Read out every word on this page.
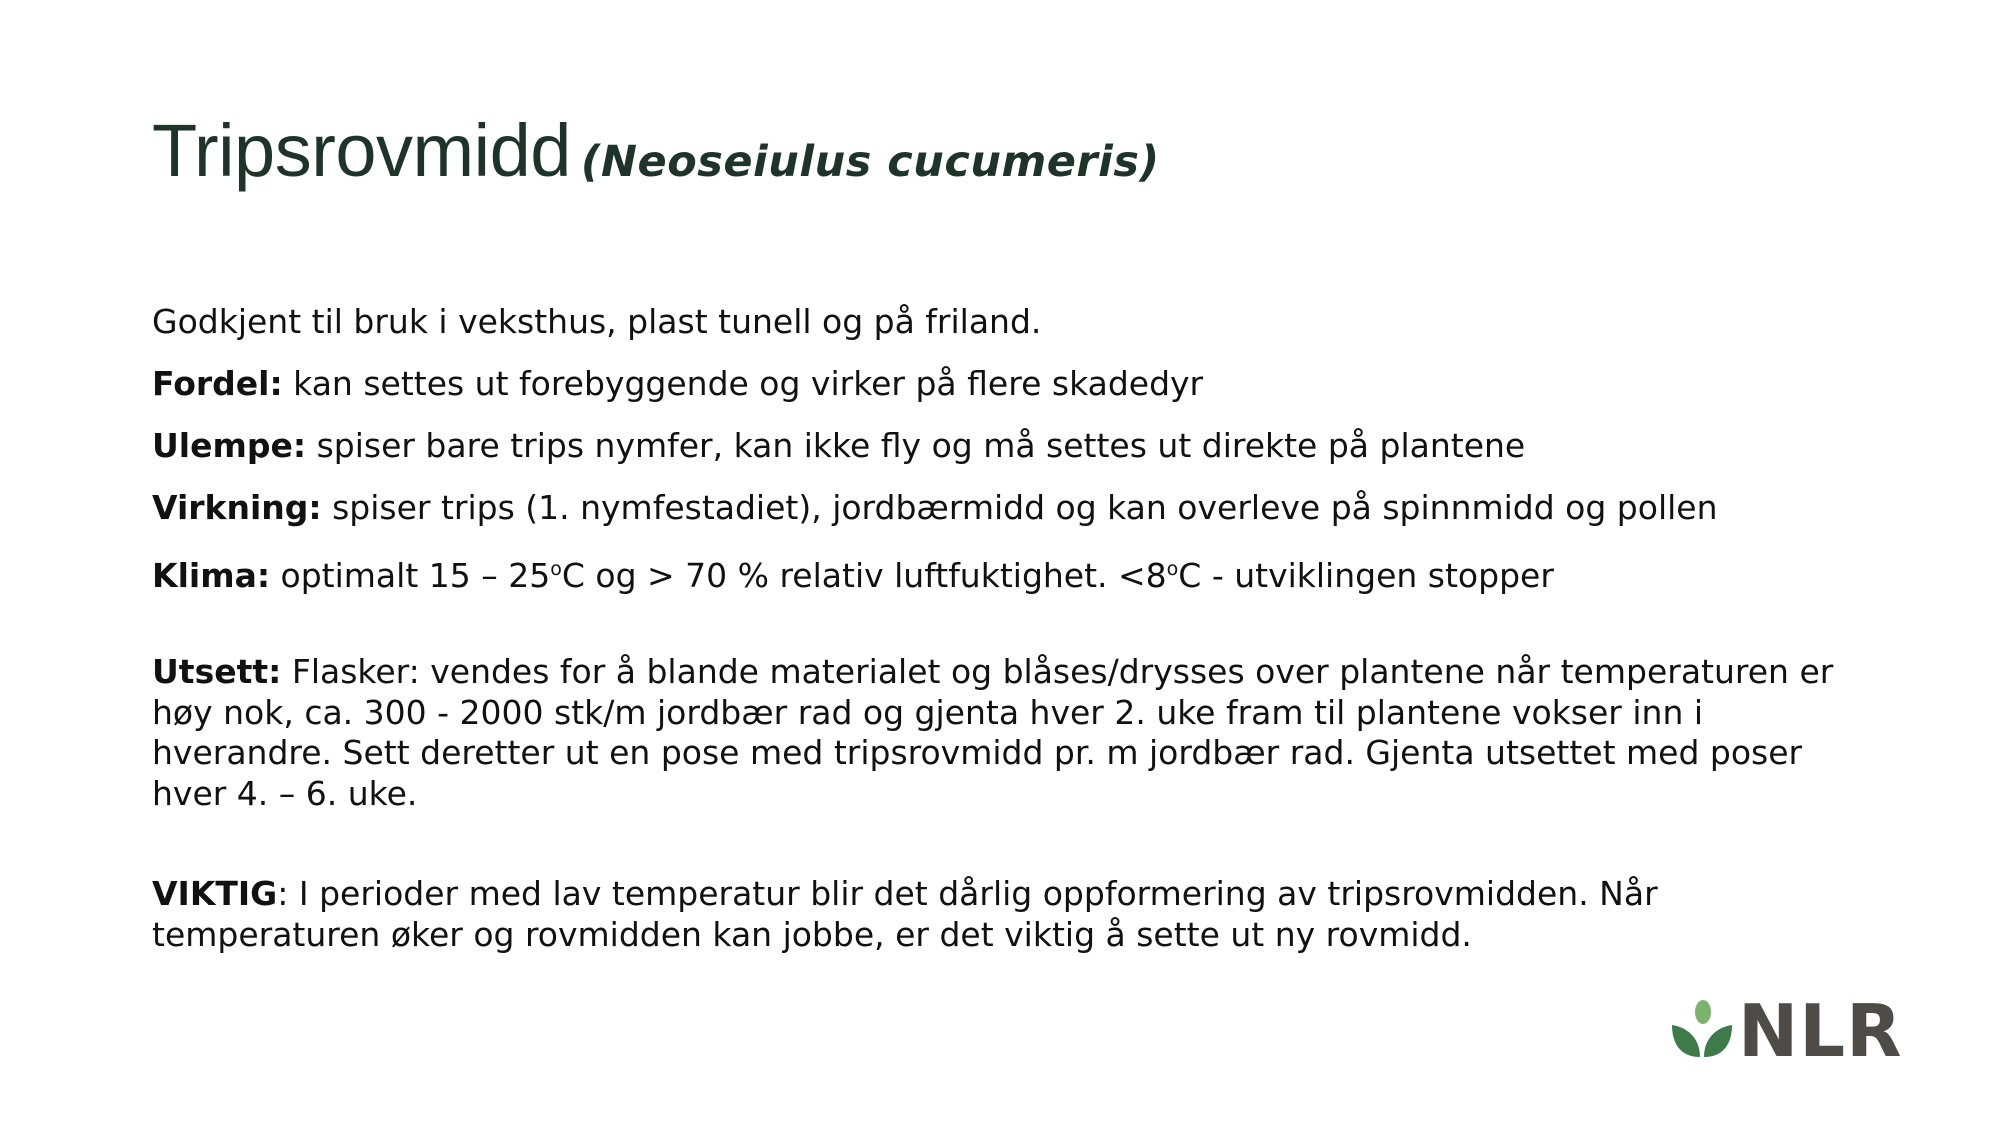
Tripsrovmidd (Neoseiulus cucumeris)
Godkjent til bruk i veksthus, plast tunell og på friland.
Fordel: kan settes ut forebyggende og virker på flere skadedyr
Ulempe: spiser bare trips nymfer, kan ikke fly og må settes ut direkte på plantene
Virkning: spiser trips (1. nymfestadiet), jordbærmidd og kan overleve på spinnmidd og pollen
Klima: optimalt 15 – 25$^o$C og > 70 % relativ luftfuktighet. $<8^oC$ - utviklingen stopper
Utsett: Flasker: vendes for å blande materialet og blåses/drysses over plantene når temperaturen er høy nok, ca. 300 - 2000 stk/m jordbær rad og gjenta hver 2. uke fram til plantene vokser inn i hverandre. Sett deretter ut en pose med tripsrovmidd pr. m jordbær rad. Gjenta utsettet med poser hver 4. – 6. uke.
VIKTIG: I perioder med lav temperatur blir det dårlig oppformering av tripsrovmidden. Når temperaturen øker og rovmidden kan jobbe, er det viktig å sette ut ny rovmidd.
NLR
